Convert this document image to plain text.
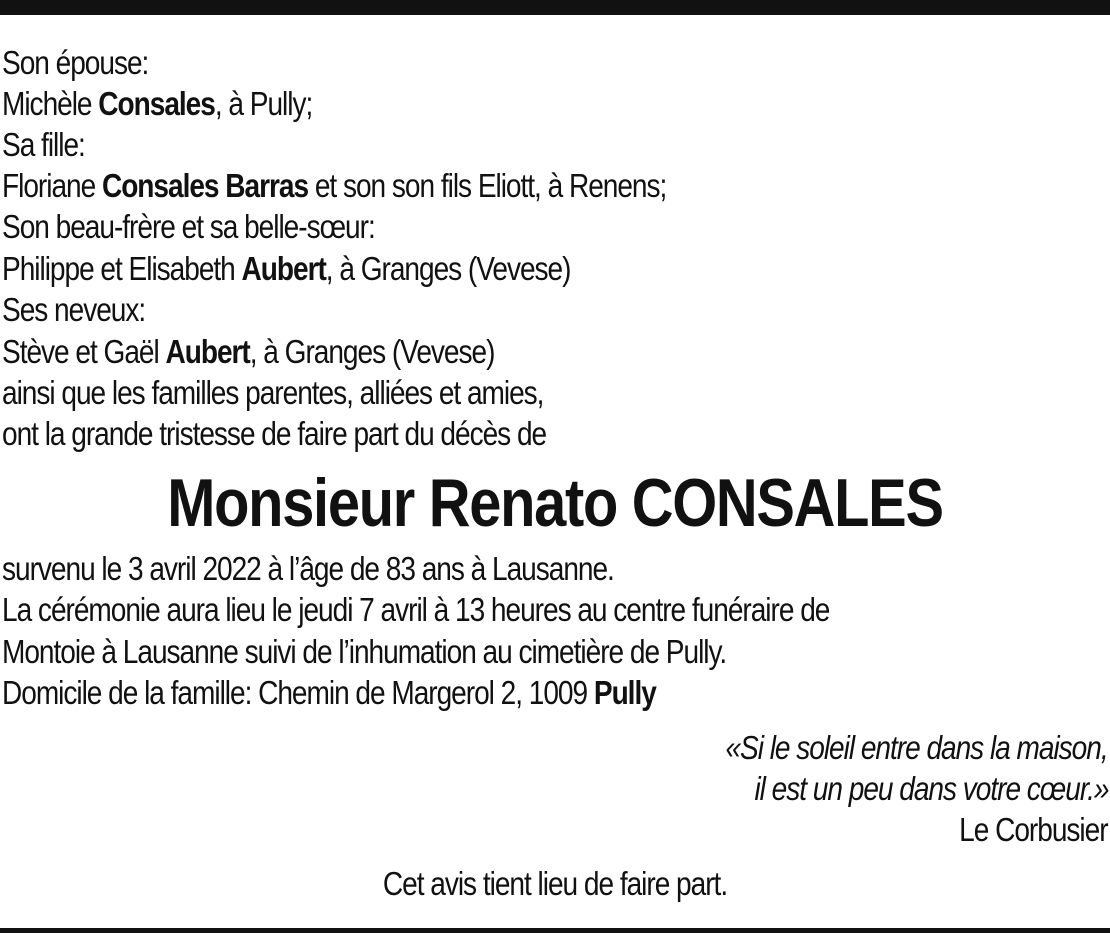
Son épouse:
Michèle Consales, à Pully;
Sa fille:
Floriane Consales Barras et son son fils Eliott, à Renens;
Son beau-frère et sa belle-sœur:
Philippe et Elisabeth Aubert, à Granges (Vevese)
Ses neveux:
Stève et Gaël Aubert, à Granges (Vevese)
ainsi que les familles parentes, alliées et amies,
ont la grande tristesse de faire part du décès de
Monsieur Renato CONSALES
survenu le 3 avril 2022 à l’âge de 83 ans à Lausanne.
La cérémonie aura lieu le jeudi 7 avril à 13 heures au centre funéraire de
Montoie à Lausanne suivi de l’inhumation au cimetière de Pully.
Domicile de la famille: Chemin de Margerol 2, 1009 Pully
«Si le soleil entre dans la maison,
il est un peu dans votre cœur.»
Le Corbusier
Cet avis tient lieu de faire part.
